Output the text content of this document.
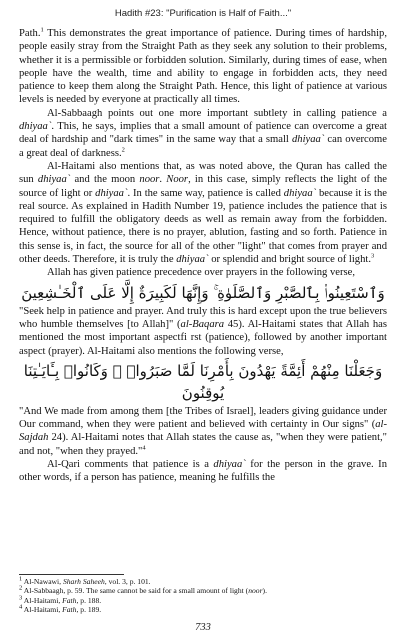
Hadith #23: "Purification is Half of Faith..."

Path.$^1$ This demonstrates the great importance of patience. During times of hardship, people easily stray from the Straight Path as they seek any solution to their problems, whether it is a permissible or forbidden solution. Similarly, during times of ease, when people have the wealth, time and ability to engage in forbidden acts, they need patience to keep them along the Straight Path. Hence, this light of patience at various levels is needed by everyone at practically all times.

Al-Sabbaagh points out one more important subtlety in calling patience a dhiyaa`. This, he says, implies that a small amount of patience can overcome a great deal of hardship and "dark times" in the same way that a small dhiyaa` can overcome a great deal of darkness.$^2$

Al-Haitami also mentions that, as was noted above, the Quran has called the sun dhiyaa` and the moon noor. Noor, in this case, simply reflects the light of the source of light or dhiyaa`. In the same way, patience is called dhiyaa` because it is the real source. As explained in Hadith Number 19, patience includes the patience that is required to fulfill the obligatory deeds as well as remain away from the forbidden. Hence, without patience, there is no prayer, ablution, fasting and so forth. Patience in this sense is, in fact, the source for all of the other "light" that comes from prayer and other deeds. Therefore, it is truly the dhiyaa` or splendid and bright source of light.$^3$

Allah has given patience precedence over prayers in the following verse,

وَٱسْتَعِينُوا۟ بِٱلصَّبْرِ وَٱلصَّلَوٰةِ ۚ وَإِنَّهَا لَكَبِيرَةٌ إِلَّا عَلَى ٱلْخَـٰشِعِينَ

"Seek help in patience and prayer. And truly this is hard except upon the true believers who humble themselves [to Allah]" (al-Baqara 45). Al-Haitami states that Allah has mentioned the most important aspectfi rst (patience), followed by another important aspect (prayer). Al-Haitami also mentions the following verse,

وَجَعَلْنَا مِنْهُمْ أَئِمَّةً يَهْدُونَ بِأَمْرِنَا لَمَّا صَبَرُوا۟ ۖ وَكَانُوا۟ بِـَٔايَـٰتِنَا يُوقِنُونَ

"And We made from among them [the Tribes of Israel], leaders giving guidance under Our command, when they were patient and believed with certainty in Our signs" (al-Sajdah 24). Al-Haitami notes that Allah states the cause as, "when they were patient," and not, "when they prayed."$^4$

Al-Qari comments that patience is a dhiyaa` for the person in the grave. In other words, if a person has patience, meaning he fulfills the

$^1$ Al-Nawawi, Sharh Saheeh, vol. 3, p. 101.
$^2$ Al-Sabbaagh, p. 59. The same cannot be said for a small amount of light (noor).
$^3$ Al-Haitami, Fath, p. 188.
$^4$ Al-Haitami, Fath, p. 189.
733
